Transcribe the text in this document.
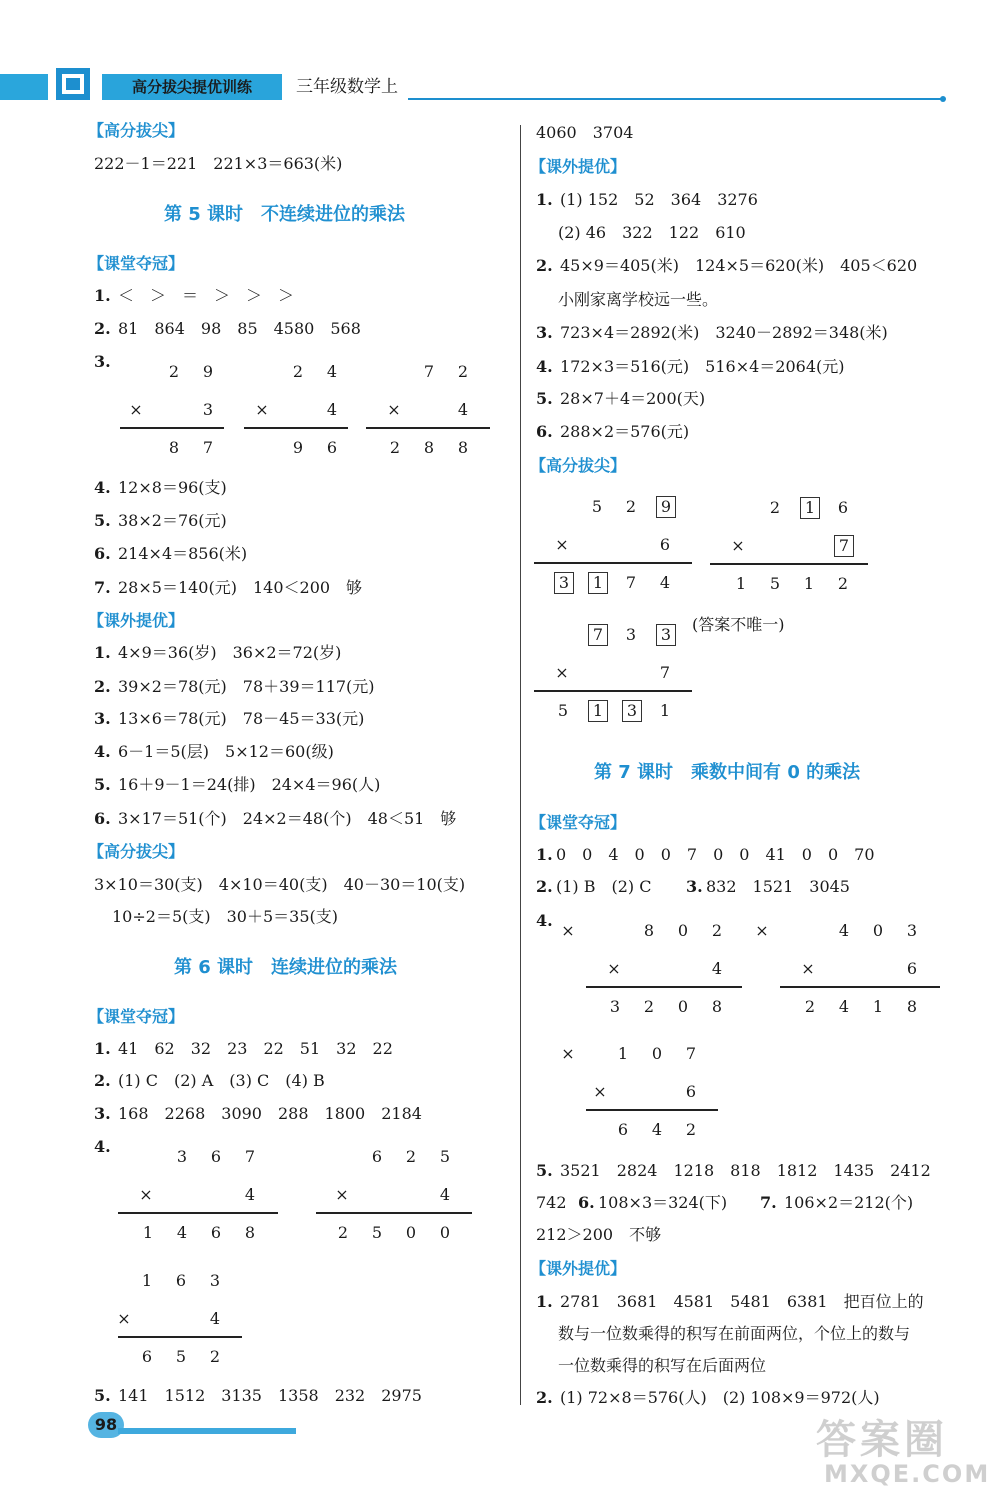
高分拔尖提优训练	三年级数学上
【高分拔尖】
222－1＝221　221×3＝663(米)
第 5 课时　不连续进位的乘法
【课堂夺冠】
1. ＜　＞　＝　＞　＞　＞
2. 81　864　98　85　4580　568
3.
4. 12×8＝96(支)
5. 38×2＝76(元)
6. 214×4＝856(米)
7. 28×5＝140(元)　140＜200　够
【课外提优】
1. 4×9＝36(岁)　36×2＝72(岁)
2. 39×2＝78(元)　78＋39＝117(元)
3. 13×6＝78(元)　78－45＝33(元)
4. 6－1＝5(层)　5×12＝60(级)
5. 16＋9－1＝24(排)　24×4＝96(人)
6. 3×17＝51(个)　24×2＝48(个)　48＜51　够
【高分拔尖】
3×10＝30(支)　4×10＝40(支)　40－30＝10(支)
10÷2＝5(支)　30＋5＝35(支)
第 6 课时　连续进位的乘法
【课堂夺冠】
1. 41　62　32　23　22　51　32　22
2. (1) C　(2) A　(3) C　(4) B
3. 168　2268　3090　288　1800　2184
4.
5. 141　1512　3135　1358　232　2975
4060　3704
【课外提优】
1. (1) 152　52　364　3276
(2) 46　322　122　610
2. 45×9＝405(米)　124×5＝620(米)　405＜620
小刚家离学校远一些。
3. 723×4＝2892(米)　3240－2892＝348(米)
4. 172×3＝516(元)　516×4＝2064(元)
5. 28×7＋4＝200(天)
6. 288×2＝576(元)
【高分拔尖】
(答案不唯一)
第 7 课时　乘数中间有 0 的乘法
【课堂夺冠】
1. 0　0　4　0　0　7　0　0　41　0　0　70
2. (1) B　(2) C 3. 832　1521　3045
4.
5. 3521　2824　1218　818　1812　1435　2412
742 6. 108×3＝324(下) 7. 106×2＝212(个)
212＞200　不够
【课外提优】
1. 2781　3681　4581　5481　6381　把百位上的
数与一位数乘得的积写在前面两位，个位上的数与
一位数乘得的积写在后面两位
2. (1) 72×8＝576(人)　(2) 108×9＝972(人)
2 9
×	3
8 7
2 4
×	4
9 6
7 2
×	4
2 8 8
3 6 7
×	4
1 4 6 8
6 2 5
×	4
2 5 0 0
1 6 3
×	4
6 5 2
5 2	9
×	6
3	1	7 4
2	1	6
×	7
1 5 1 2
7	3	3
×	7
5	1	3	1
8 0 2
×	4
3 2 0 8
×	4 0 3
×	6
2 4 1 8
×
1 0 7
×	6
6 4 2
×
98	答案圈
MXQE.COM
